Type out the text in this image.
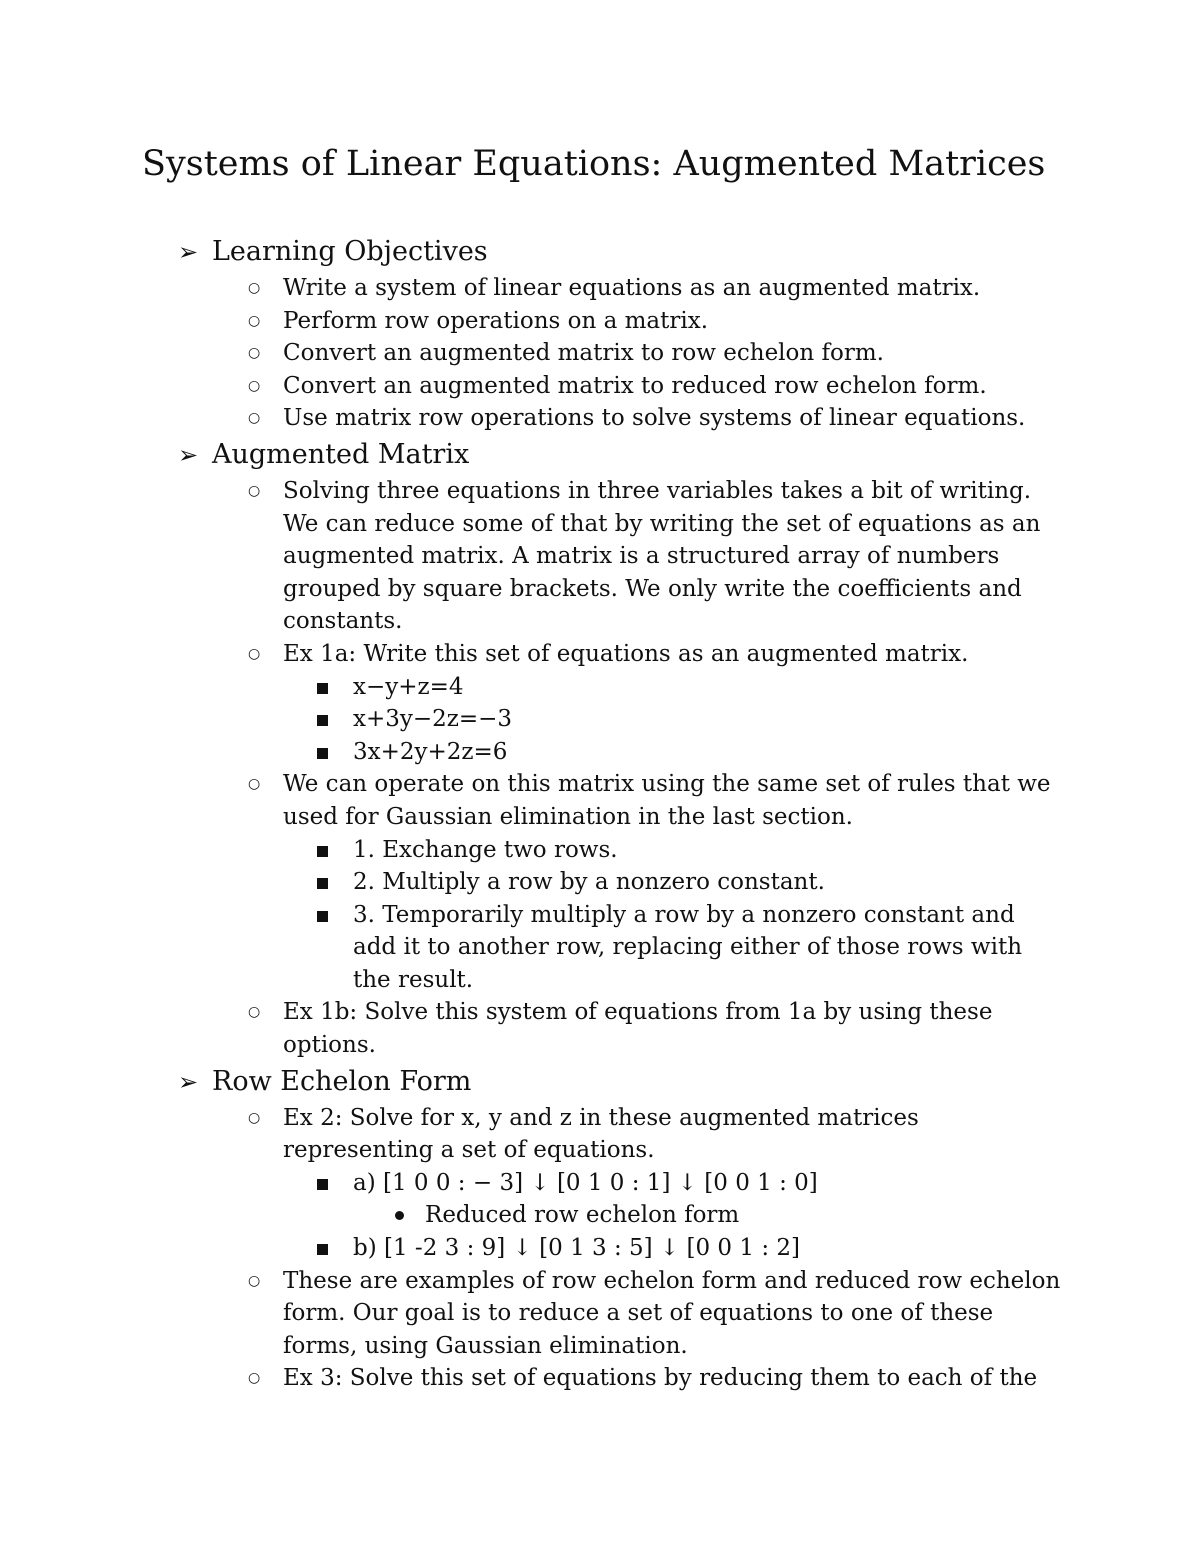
Systems of Linear Equations: Augmented Matrices
➢ Learning Objectives
○ Write a system of linear equations as an augmented matrix.
○ Perform row operations on a matrix.
○ Convert an augmented matrix to row echelon form.
○ Convert an augmented matrix to reduced row echelon form.
○ Use matrix row operations to solve systems of linear equations.
➢ Augmented Matrix
○ Solving three equations in three variables takes a bit of writing. We can reduce some of that by writing the set of equations as an augmented matrix. A matrix is a structured array of numbers grouped by square brackets. We only write the coefficients and constants.
○ Ex 1a: Write this set of equations as an augmented matrix.
x−y+z=4
x+3y−2z=−3
3x+2y+2z=6
○ We can operate on this matrix using the same set of rules that we used for Gaussian elimination in the last section.
1. Exchange two rows.
2. Multiply a row by a nonzero constant.
3. Temporarily multiply a row by a nonzero constant and add it to another row, replacing either of those rows with the result.
○ Ex 1b: Solve this system of equations from 1a by using these options.
➢ Row Echelon Form
○ Ex 2: Solve for x, y and z in these augmented matrices representing a set of equations.
a) [1 0 0 : − 3] ↓ [0 1 0 : 1] ↓ [0 0 1 : 0]
Reduced row echelon form
b) [1 -2 3 : 9] ↓ [0 1 3 : 5] ↓ [0 0 1 : 2]
○ These are examples of row echelon form and reduced row echelon form. Our goal is to reduce a set of equations to one of these forms, using Gaussian elimination.
○ Ex 3: Solve this set of equations by reducing them to each of the
